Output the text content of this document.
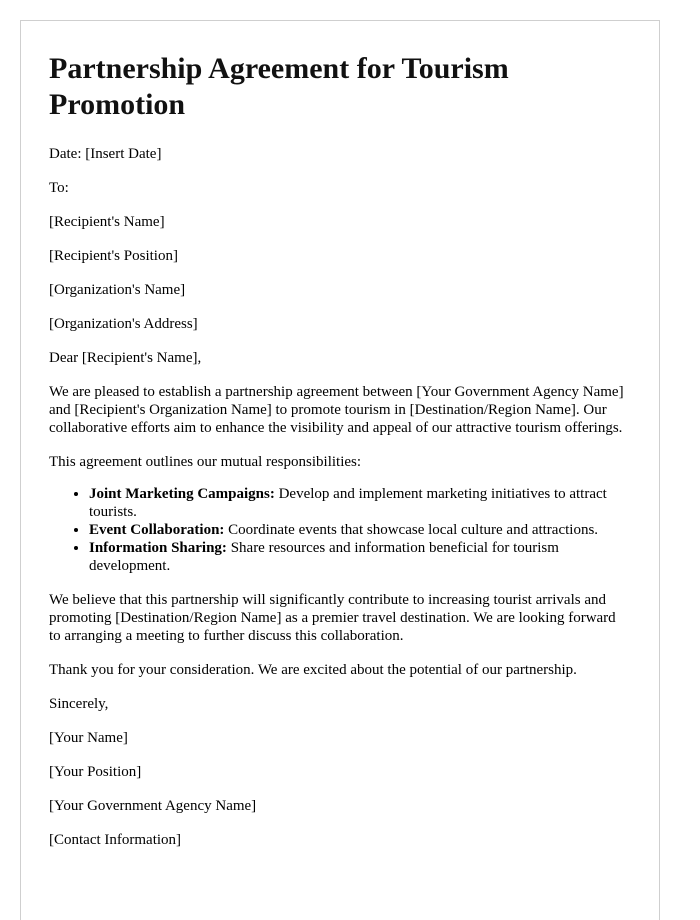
Partnership Agreement for Tourism Promotion

Date: [Insert Date]

To:

[Recipient's Name]

[Recipient's Position]

[Organization's Name]

[Organization's Address]

Dear [Recipient's Name],

We are pleased to establish a partnership agreement between [Your Government Agency Name] and [Recipient's Organization Name] to promote tourism in [Destination/Region Name]. Our collaborative efforts aim to enhance the visibility and appeal of our attractive tourism offerings.

This agreement outlines our mutual responsibilities:

• Joint Marketing Campaigns: Develop and implement marketing initiatives to attract tourists.
• Event Collaboration: Coordinate events that showcase local culture and attractions.
• Information Sharing: Share resources and information beneficial for tourism development.

We believe that this partnership will significantly contribute to increasing tourist arrivals and promoting [Destination/Region Name] as a premier travel destination. We are looking forward to arranging a meeting to further discuss this collaboration.

Thank you for your consideration. We are excited about the potential of our partnership.

Sincerely,

[Your Name]

[Your Position]

[Your Government Agency Name]

[Contact Information]
